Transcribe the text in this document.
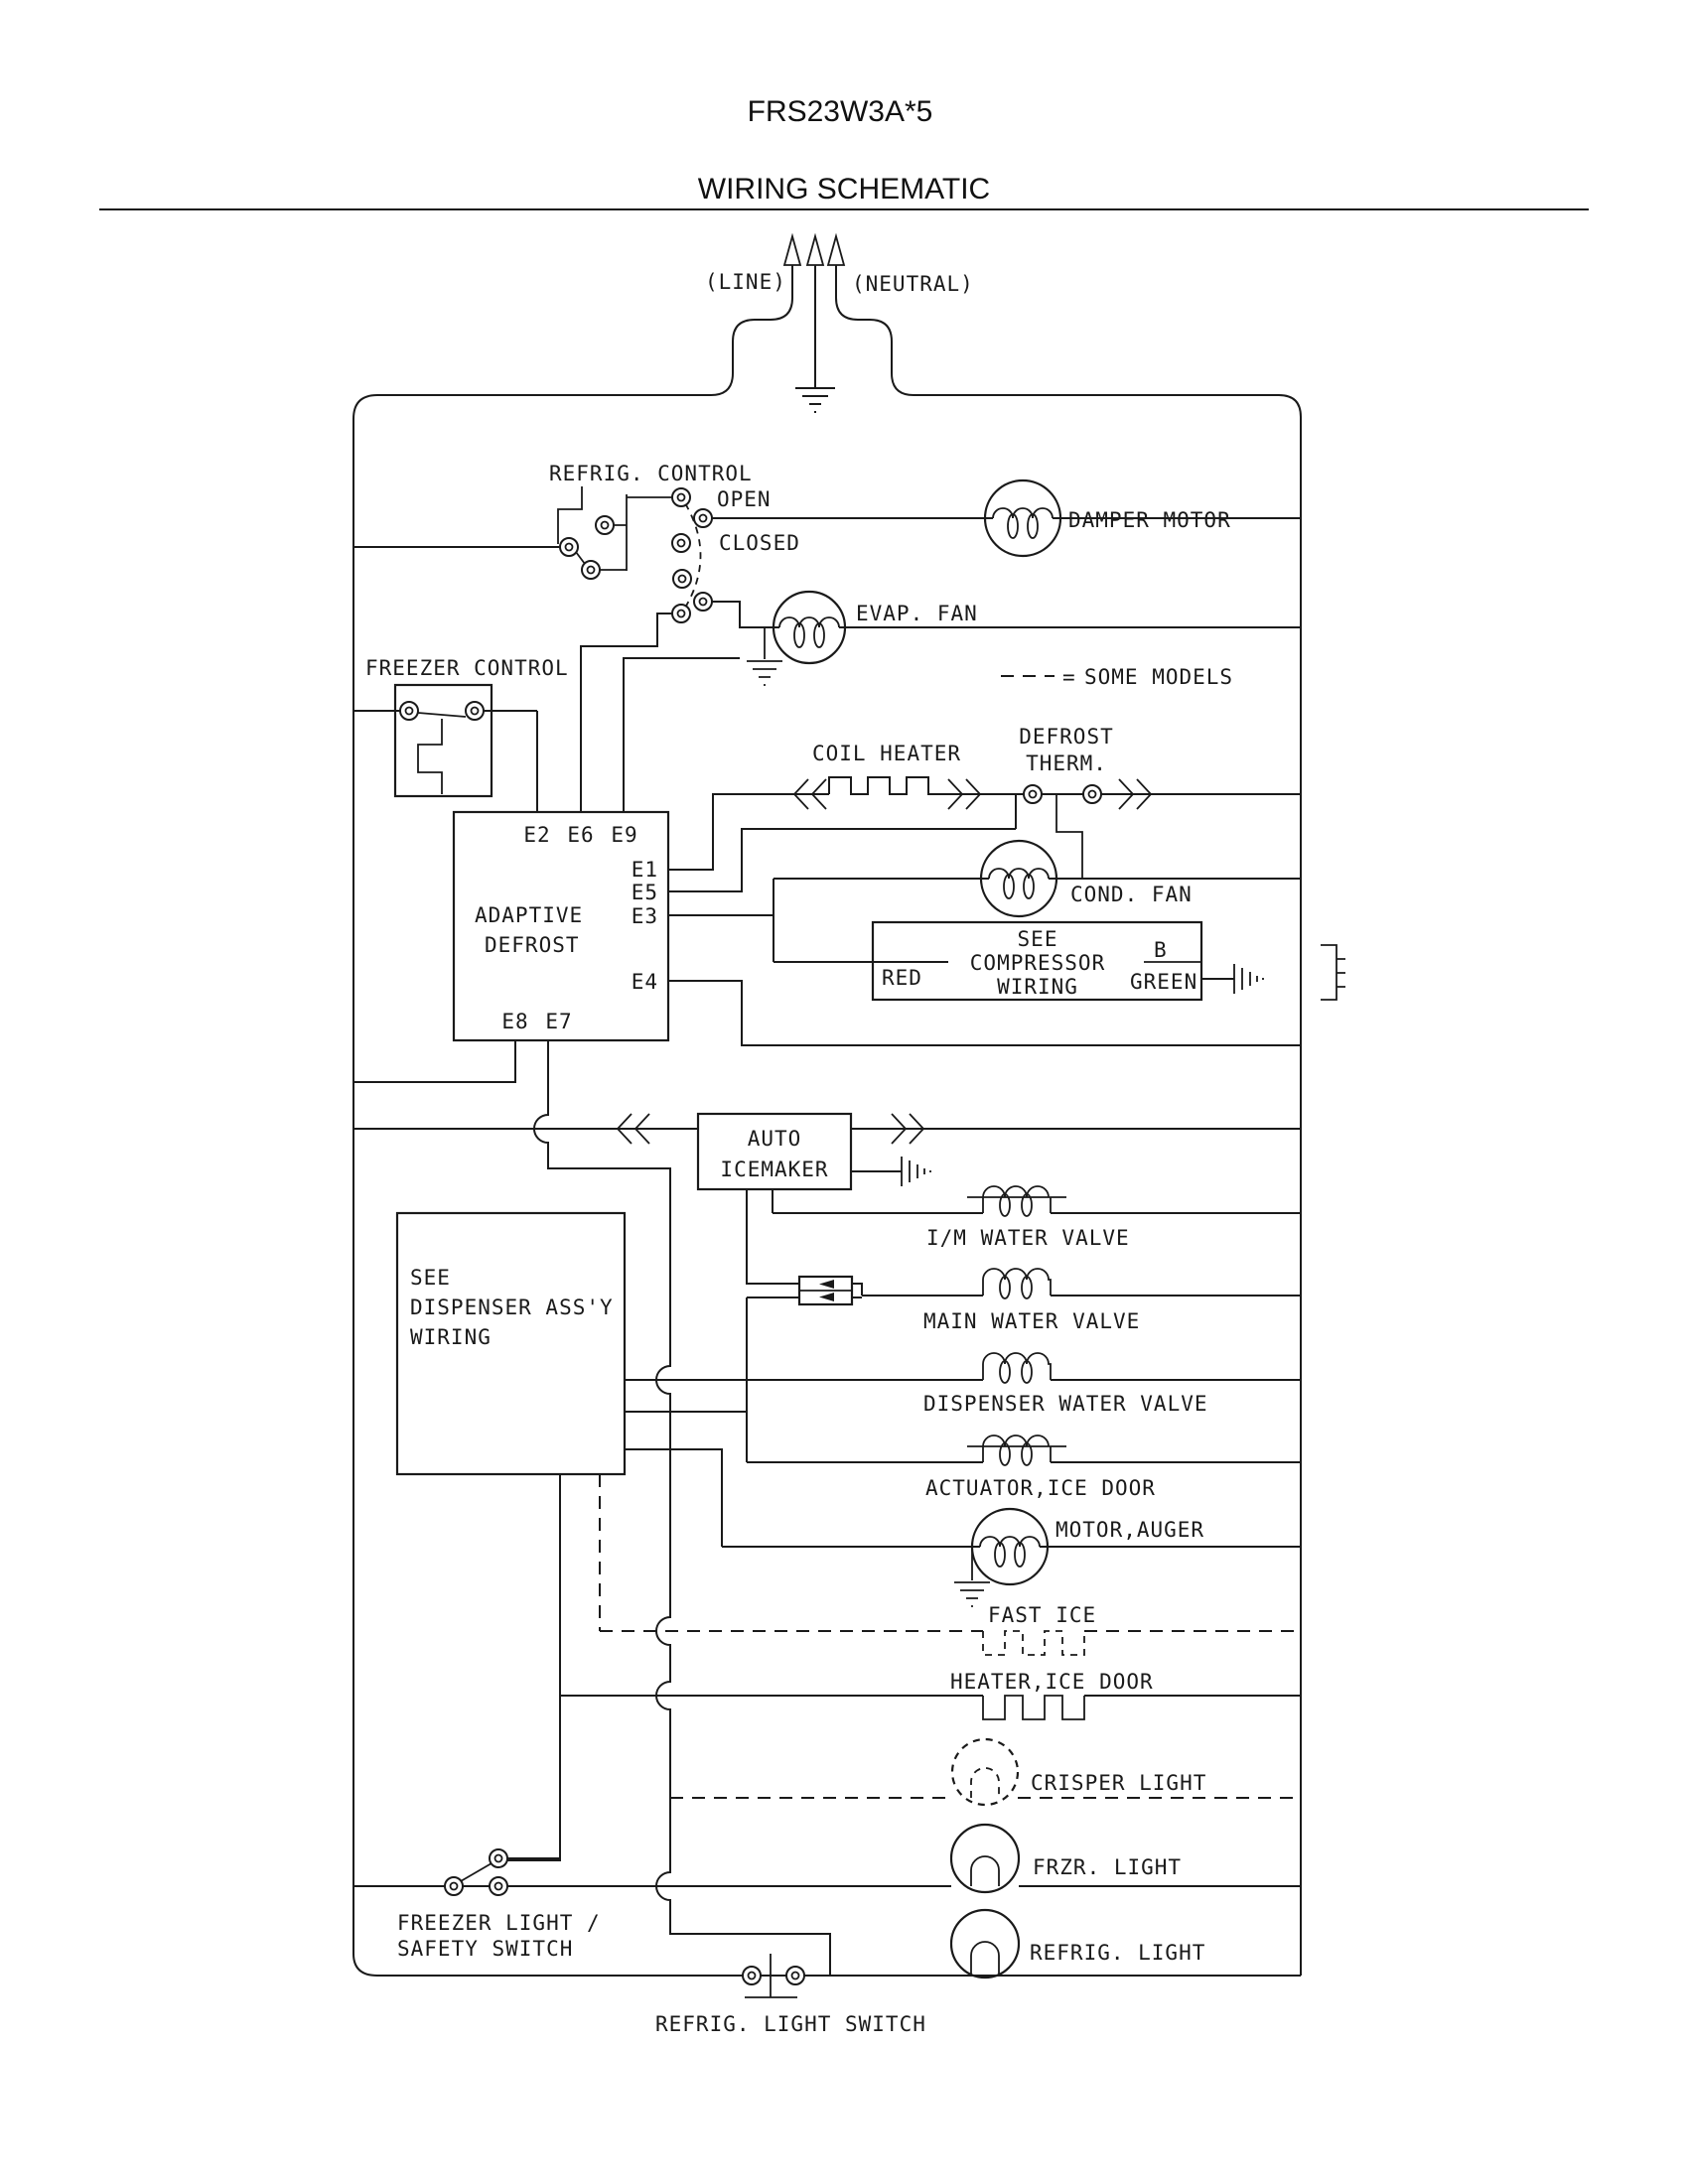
FRS23W3A*5
WIRING SCHEMATIC
(LINE)	(NEUTRAL)
REFRIG. CONTROL
OPEN
CLOSED
DAMPER MOTOR
EVAP. FAN
= SOME MODELS
FREEZER CONTROL
COIL HEATER
DEFROST
THERM.
E2 E6 E9
E1
E5
E3
E4
E8 E7
ADAPTIVE
DEFROST
COND. FAN
SEE
COMPRESSOR
WIRING
RED
B
GREEN
AUTO
ICEMAKER
I/M WATER VALVE
MAIN WATER VALVE
DISPENSER WATER VALVE
SEE
DISPENSER ASS'Y
WIRING
ACTUATOR,ICE DOOR
MOTOR,AUGER
FAST ICE
HEATER,ICE DOOR
CRISPER LIGHT
FRZR. LIGHT
FREEZER LIGHT /
SAFETY SWITCH	REFRIG. LIGHT
REFRIG. LIGHT SWITCH
